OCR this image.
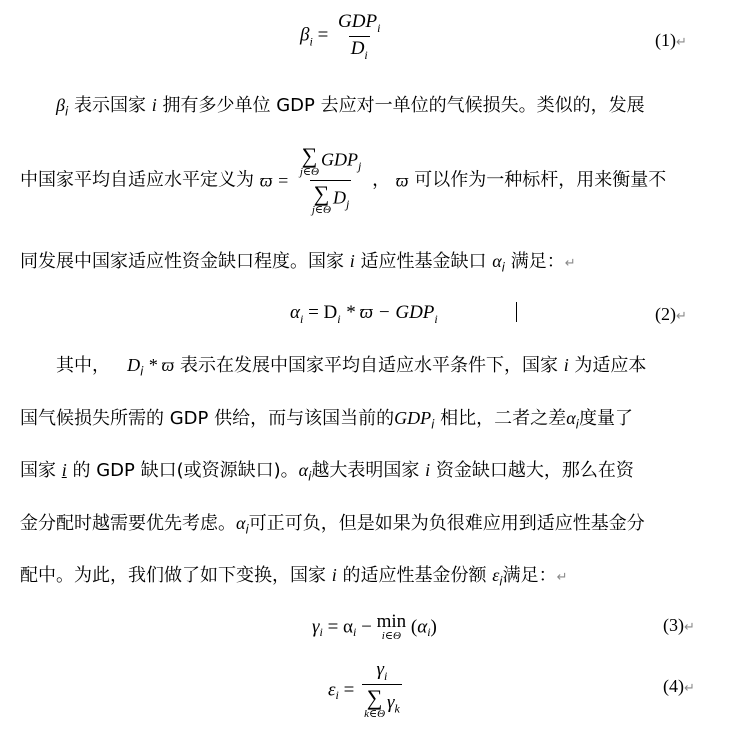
$\beta_i = \frac{GDP_i}{D_i}$	(1)↵
$\beta_i$ 表示国家 i 拥有多少单位 GDP 去应对一单位的气候损失。类似的，发展
中国家平均自适应水平定义为 ϖ = ∑
j∈Θ
$GDP_j$
∑
j∈Θ
$D_j$ ， ϖ 可以作为一种标杆，用来衡量不
同发展中国家适应性资金缺口程度。国家 i 适应性基金缺口 $\alpha_i$ 满足：↵
$\alpha_i = D_i * ϖ - GDP_i$	(2)↵
其中， $D_i$ * ϖ 表示在发展中国家平均自适应水平条件下，国家 i 为适应本
国气候损失所需的 GDP 供给，而与该国当前的$GDP_i$ 相比，二者之差$\alpha_i$度量了
国家 i 的 GDP 缺口(或资源缺口)。$\alpha_i$越大表明国家 i 资金缺口越大，那么在资
金分配时越需要优先考虑。$\alpha_i$可正可负，但是如果为负很难应用到适应性基金分
配中。为此，我们做了如下变换，国家 i 的适应性基金份额 $\varepsilon_i$满足：↵
$\gamma_i = \alpha_i - \min$
i∈Θ $(\alpha_i)$	(3)↵
$\varepsilon_i = \gamma_i$
∑
k∈Θ
$\gamma_k$	(4)↵
